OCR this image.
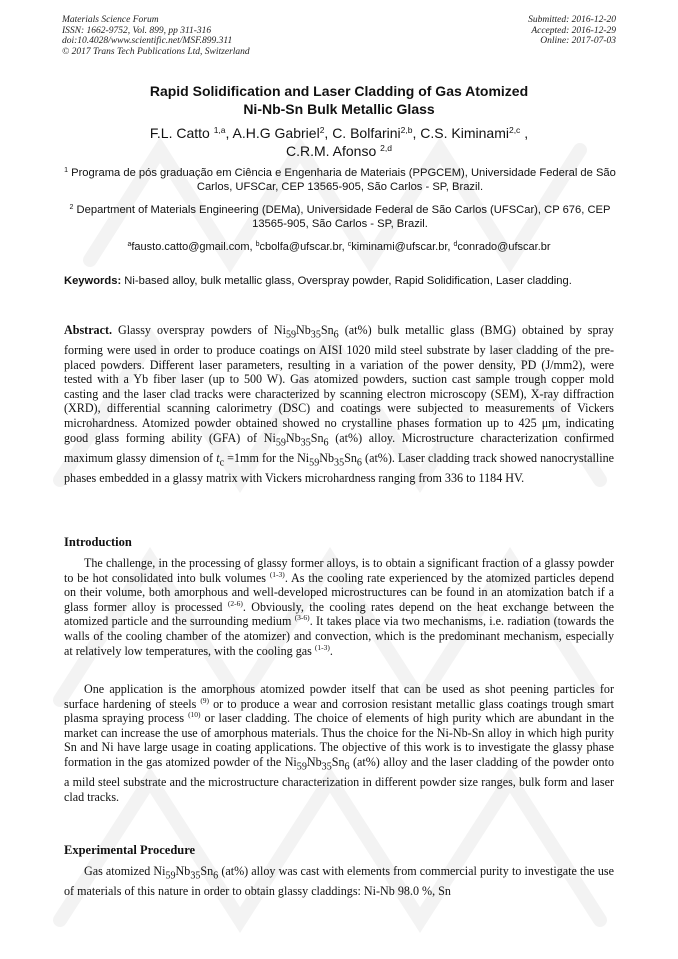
Materials Science Forum
ISSN: 1662-9752, Vol. 899, pp 311-316
doi:10.4028/www.scientific.net/MSF.899.311
© 2017 Trans Tech Publications Ltd, Switzerland
Submitted: 2016-12-20
Accepted: 2016-12-29
Online: 2017-07-03
Rapid Solidification and Laser Cladding of Gas Atomized
Ni-Nb-Sn Bulk Metallic Glass
F.L. Catto $^{1,a}$, A.H.G Gabriel$^2$, C. Bolfarini$^{2,b}$, C.S. Kiminami$^{2,c}$ ,
C.R.M. Afonso $^{2,d}$
$^1$ Programa de pós graduação em Ciência e Engenharia de Materiais (PPGCEM), Universidade Federal de São Carlos, UFSCar, CEP 13565-905, São Carlos - SP, Brazil.
$^2$ Department of Materials Engineering (DEMa), Universidade Federal de São Carlos (UFSCar), CP 676, CEP 13565-905, São Carlos - SP, Brazil.
$^a$fausto.catto@gmail.com, $^b$cbolfa@ufscar.br, $^c$kiminami@ufscar.br, $^d$conrado@ufscar.br
Keywords: Ni-based alloy, bulk metallic glass, Overspray powder, Rapid Solidification, Laser cladding.
Abstract. Glassy overspray powders of $Ni_{59}Nb_{35}Sn_6$ (at%) bulk metallic glass (BMG) obtained by spray forming were used in order to produce coatings on AISI 1020 mild steel substrate by laser cladding of the pre-placed powders. Different laser parameters, resulting in a variation of the power density, PD (J/mm2), were tested with a Yb fiber laser (up to 500 W). Gas atomized powders, suction cast sample trough copper mold casting and the laser clad tracks were characterized by scanning electron microscopy (SEM), X-ray diffraction (XRD), differential scanning calorimetry (DSC) and coatings were subjected to measurements of Vickers microhardness. Atomized powder obtained showed no crystalline phases formation up to 425 μm, indicating good glass forming ability (GFA) of $Ni_{59}Nb_{35}Sn_6$ (at%) alloy. Microstructure characterization confirmed maximum glassy dimension of $t_c =1mm$ for the $Ni_{59}Nb_{35}Sn_6$ (at%). Laser cladding track showed nanocrystalline phases embedded in a glassy matrix with Vickers microhardness ranging from 336 to 1184 HV.
Introduction
The challenge, in the processing of glassy former alloys, is to obtain a significant fraction of a glassy powder to be hot consolidated into bulk volumes $^{(1-3)}$. As the cooling rate experienced by the atomized particles depend on their volume, both amorphous and well-developed microstructures can be found in an atomization batch if a glass former alloy is processed $^{(2-6)}$. Obviously, the cooling rates depend on the heat exchange between the atomized particle and the surrounding medium $^{(3-6)}$. It takes place via two mechanisms, i.e. radiation (towards the walls of the cooling chamber of the atomizer) and convection, which is the predominant mechanism, especially at relatively low temperatures, with the cooling gas $^{(1-3)}$.
One application is the amorphous atomized powder itself that can be used as shot peening particles for surface hardening of steels $^{(9)}$ or to produce a wear and corrosion resistant metallic glass coatings trough smart plasma spraying process $^{(10)}$ or laser cladding. The choice of elements of high purity which are abundant in the market can increase the use of amorphous materials. Thus the choice for the Ni-Nb-Sn alloy in which high purity Sn and Ni have large usage in coating applications. The objective of this work is to investigate the glassy phase formation in the gas atomized powder of the $Ni_{59}Nb_{35}Sn_6$ (at%) alloy and the laser cladding of the powder onto a mild steel substrate and the microstructure characterization in different powder size ranges, bulk form and laser clad tracks.
Experimental Procedure
Gas atomized $Ni_{59}Nb_{35}Sn_6$ (at%) alloy was cast with elements from commercial purity to investigate the use of materials of this nature in order to obtain glassy claddings: Ni-Nb 98.0 %, Sn
